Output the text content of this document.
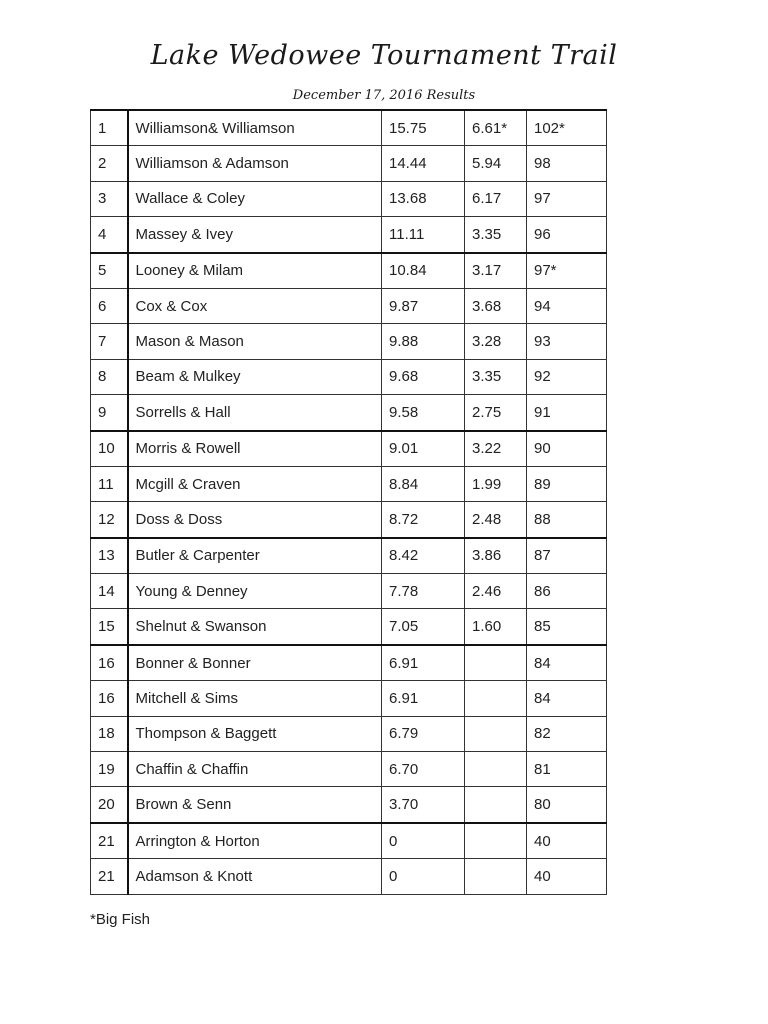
Lake Wedowee Tournament Trail
December 17, 2016 Results
1	Williamson& Williamson	15.75	6.61*	102*
2	Williamson & Adamson	14.44	5.94	98
3	Wallace & Coley	13.68	6.17	97
4	Massey & Ivey	11.11	3.35	96
5	Looney & Milam	10.84	3.17	97*
6	Cox & Cox	9.87	3.68	94
7	Mason & Mason	9.88	3.28	93
8	Beam & Mulkey	9.68	3.35	92
9	Sorrells & Hall	9.58	2.75	91
10	Morris & Rowell	9.01	3.22	90
11	Mcgill & Craven	8.84	1.99	89
12	Doss & Doss	8.72	2.48	88
13	Butler & Carpenter	8.42	3.86	87
14	Young & Denney	7.78	2.46	86
15	Shelnut & Swanson	7.05	1.60	85
16	Bonner & Bonner	6.91		84
16	Mitchell & Sims	6.91		84
18	Thompson & Baggett	6.79		82
19	Chaffin & Chaffin	6.70		81
20	Brown & Senn	3.70		80
21	Arrington & Horton	0		40
21	Adamson & Knott	0		40
*Big Fish
